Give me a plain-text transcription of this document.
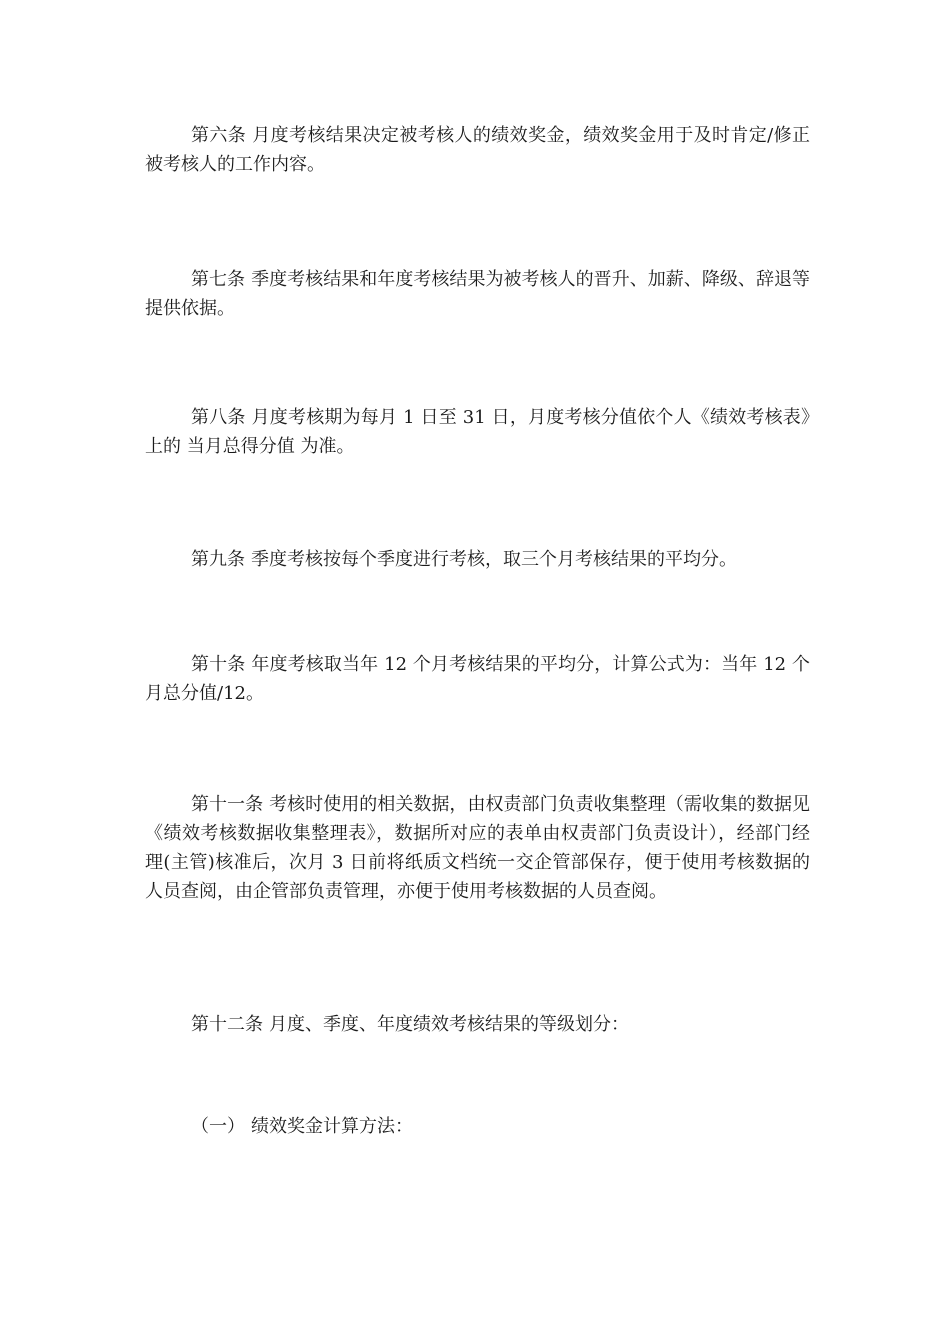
第六条 月度考核结果决定被考核人的绩效奖金，绩效奖金用于及时肯定/修正被考核人的工作内容。

第七条 季度考核结果和年度考核结果为被考核人的晋升、加薪、降级、辞退等提供依据。

第八条 月度考核期为每月 1 日至 31 日，月度考核分值依个人《绩效考核表》上的 当月总得分值 为准。

第九条 季度考核按每个季度进行考核，取三个月考核结果的平均分。

第十条 年度考核取当年 12 个月考核结果的平均分，计算公式为：当年 12 个月总分值/12。

第十一条 考核时使用的相关数据，由权责部门负责收集整理（需收集的数据见《绩效考核数据收集整理表》，数据所对应的表单由权责部门负责设计），经部门经理(主管)核准后，次月 3 日前将纸质文档统一交企管部保存，便于使用考核数据的人员查阅，由企管部负责管理，亦便于使用考核数据的人员查阅。

第十二条 月度、季度、年度绩效考核结果的等级划分：

（一） 绩效奖金计算方法：
